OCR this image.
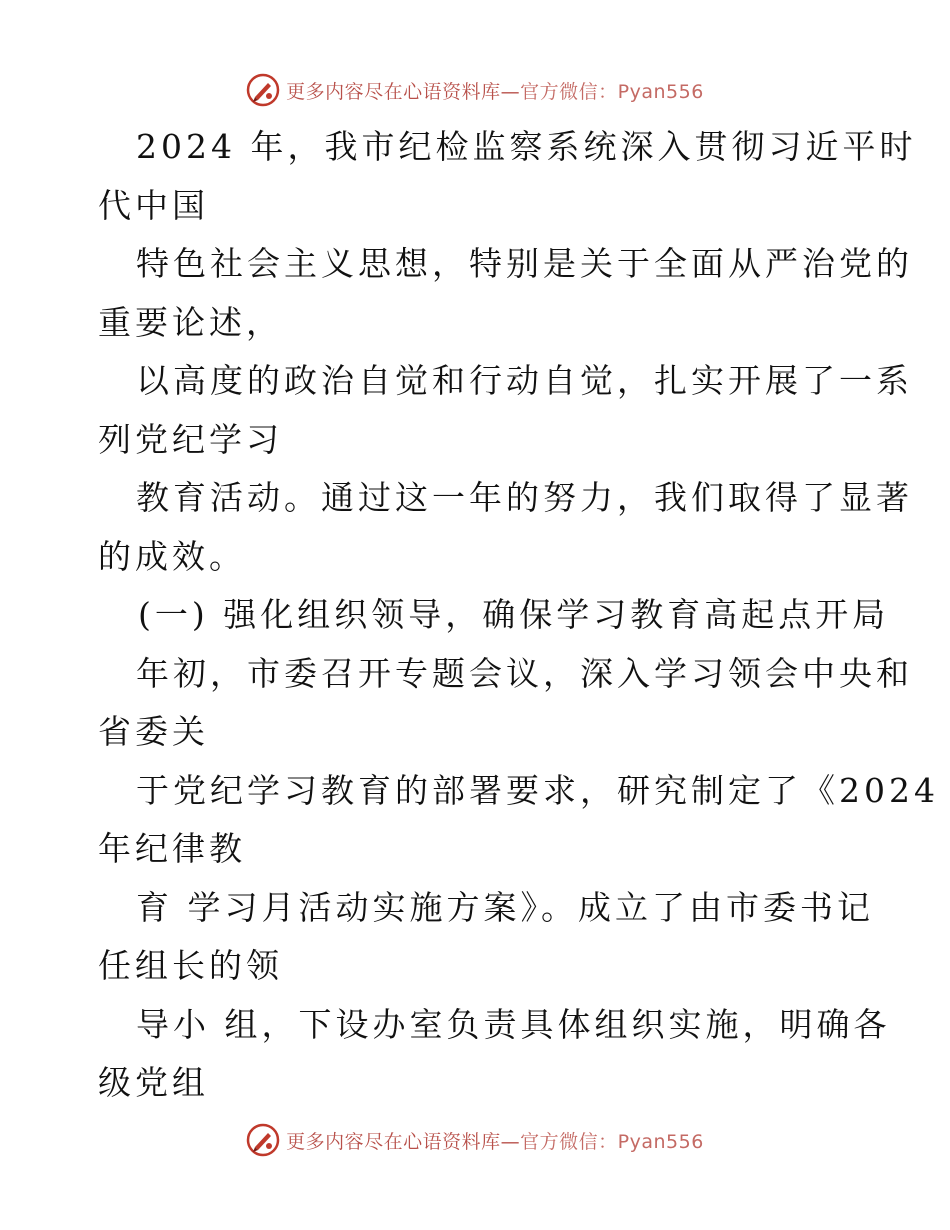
更多内容尽在心语资料库—官方微信：Pyan556
2024 年，我市纪检监察系统深入贯彻习近平时
代中国
特色社会主义思想，特别是关于全面从严治党的
重要论述，
以高度的政治自觉和行动自觉，扎实开展了一系
列党纪学习
教育活动。通过这一年的努力，我们取得了显著
的成效。
(一) 强化组织领导，确保学习教育高起点开局
年初，市委召开专题会议，深入学习领会中央和
省委关
于党纪学习教育的部署要求，研究制定了《2024
年纪律教
育 学习月活动实施方案》。成立了由市委书记
任组长的领
导小 组，下设办室负责具体组织实施，明确各
级党组
更多内容尽在心语资料库—官方微信：Pyan556
